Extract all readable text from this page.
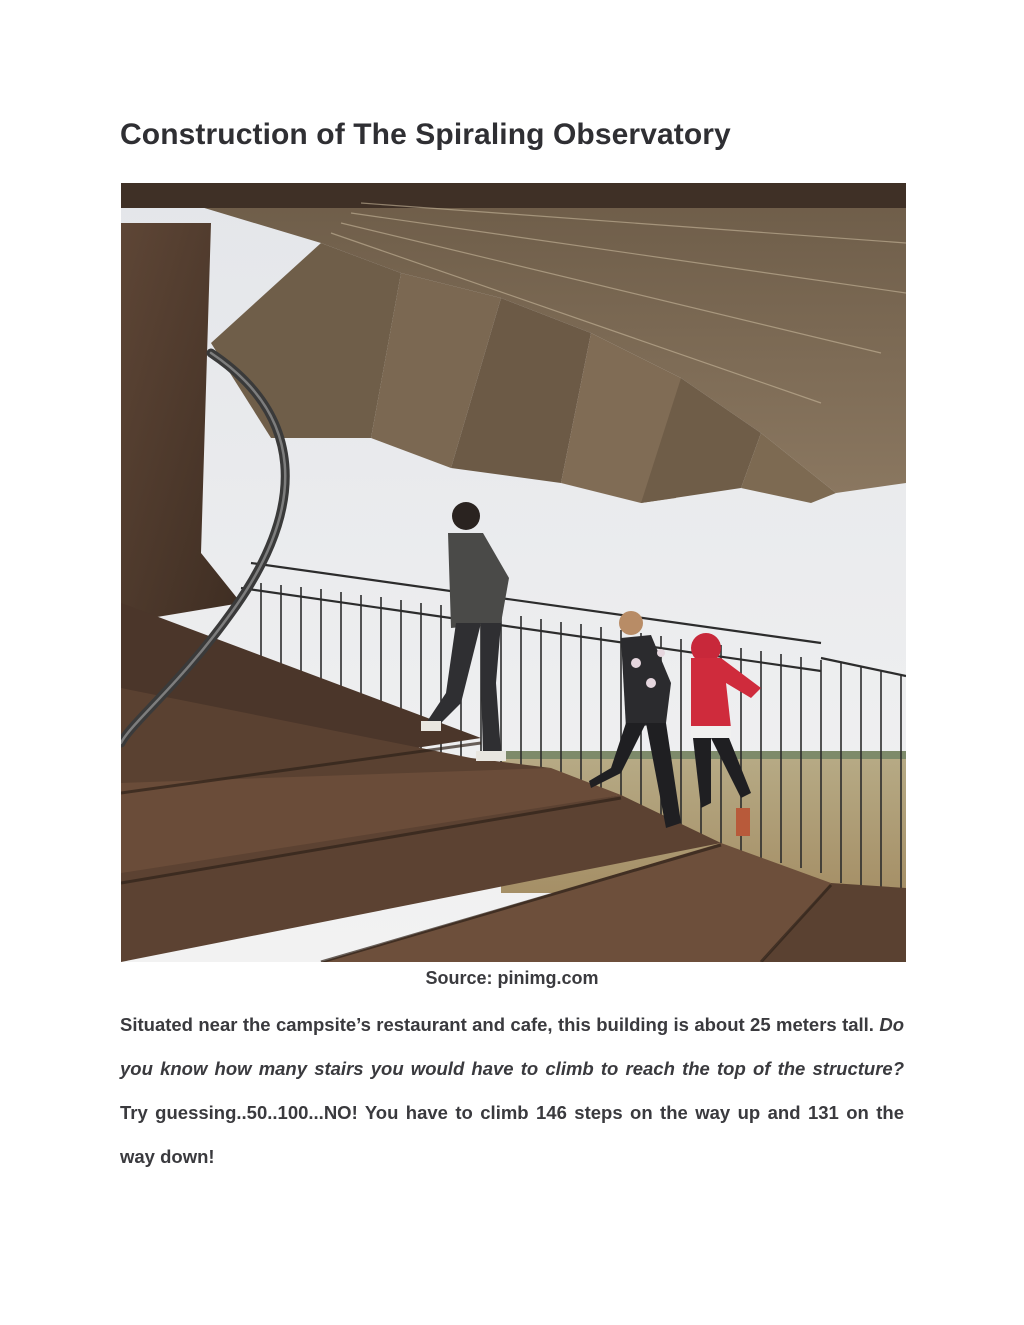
Construction of The Spiraling Observatory
Source: pinimg.com

Situated near the campsite’s restaurant and cafe, this building is about 25 meters tall. Do you know how many stairs you would have to climb to reach the top of the structure? Try guessing..50..100...NO! You have to climb 146 steps on the way up and 131 on the way down!
